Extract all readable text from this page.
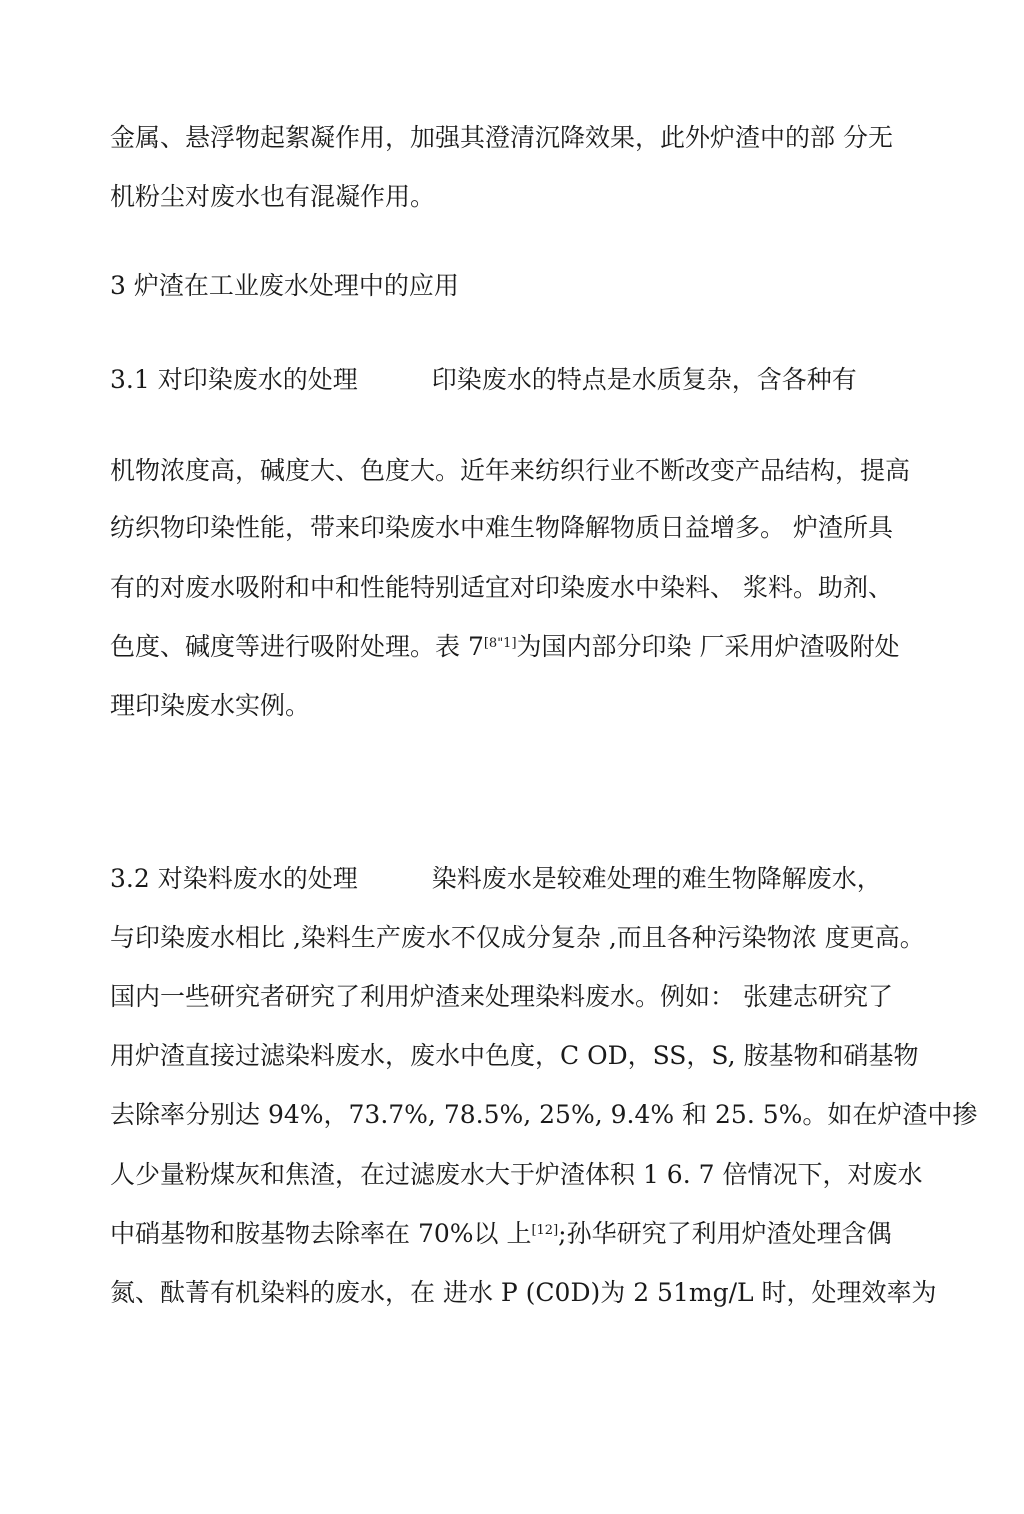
金属、悬浮物起絮凝作用，加强其澄清沉降效果，此外炉渣中的部 分无
机粉尘对废水也有混凝作用。
3 炉渣在工业废水处理中的应用
3.1 对印染废水的处理	印染废水的特点是水质复杂，含各种有
机物浓度高，碱度大、色度大。近年来纺织行业不断改变产品结构，提高
纺织物印染性能，带来印染废水中难生物降解物质日益增多。 炉渣所具
有的对废水吸附和中和性能特别适宜对印染废水中染料、 浆料。助剂、
色度、碱度等进行吸附处理。表 7[8"1]为国内部分印染 厂采用炉渣吸附处
理印染废水实例。
3.2 对染料废水的处理	染料废水是较难处理的难生物降解废水，
与印染废水相比 ,染料生产废水不仅成分复杂 ,而且各种污染物浓 度更高。
国内一些研究者研究了利用炉渣来处理染料废水。例如： 张建志研究了
用炉渣直接过滤染料废水，废水中色度，C OD，SS，S, 胺基物和硝基物
去除率分别达 94%，73.7%, 78.5%, 25%, 9.4% 和 25. 5%。如在炉渣中掺
人少量粉煤灰和焦渣，在过滤废水大于炉渣体积 1 6. 7 倍情况下，对废水
中硝基物和胺基物去除率在 70%以 上[12];孙华研究了利用炉渣处理含偶
氮、酞菁有机染料的废水，在 进水 P (C0D)为 2 51mg/L 时，处理效率为
